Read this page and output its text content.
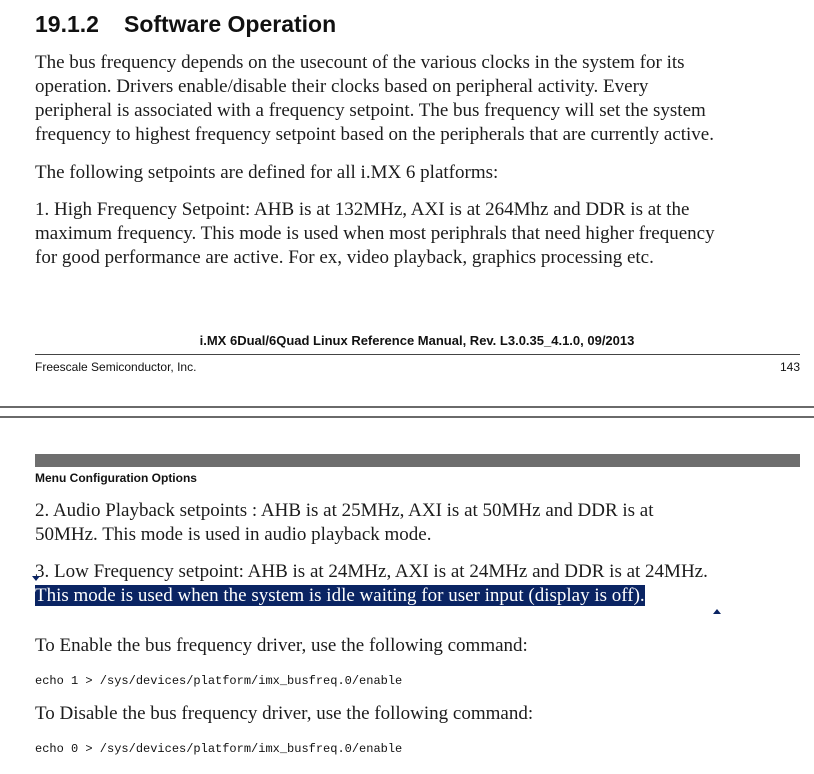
19.1.2 Software Operation

The bus frequency depends on the usecount of the various clocks in the system for its
operation. Drivers enable/disable their clocks based on peripheral activity. Every
peripheral is associated with a frequency setpoint. The bus frequency will set the system
frequency to highest frequency setpoint based on the peripherals that are currently active.

The following setpoints are defined for all i.MX 6 platforms:

1. High Frequency Setpoint: AHB is at 132MHz, AXI is at 264Mhz and DDR is at the
maximum frequency. This mode is used when most periphrals that need higher frequency
for good performance are active. For ex, video playback, graphics processing etc.

i.MX 6Dual/6Quad Linux Reference Manual, Rev. L3.0.35_4.1.0, 09/2013
Freescale Semiconductor, Inc.	143
Menu Configuration Options

2. Audio Playback setpoints : AHB is at 25MHz, AXI is at 50MHz and DDR is at
50MHz. This mode is used in audio playback mode.

3. Low Frequency setpoint: AHB is at 24MHz, AXI is at 24MHz and DDR is at 24MHz.
This mode is used when the system is idle waiting for user input (display is off).

To Enable the bus frequency driver, use the following command:

echo 1 > /sys/devices/platform/imx_busfreq.0/enable

To Disable the bus frequency driver, use the following command:

echo 0 > /sys/devices/platform/imx_busfreq.0/enable
